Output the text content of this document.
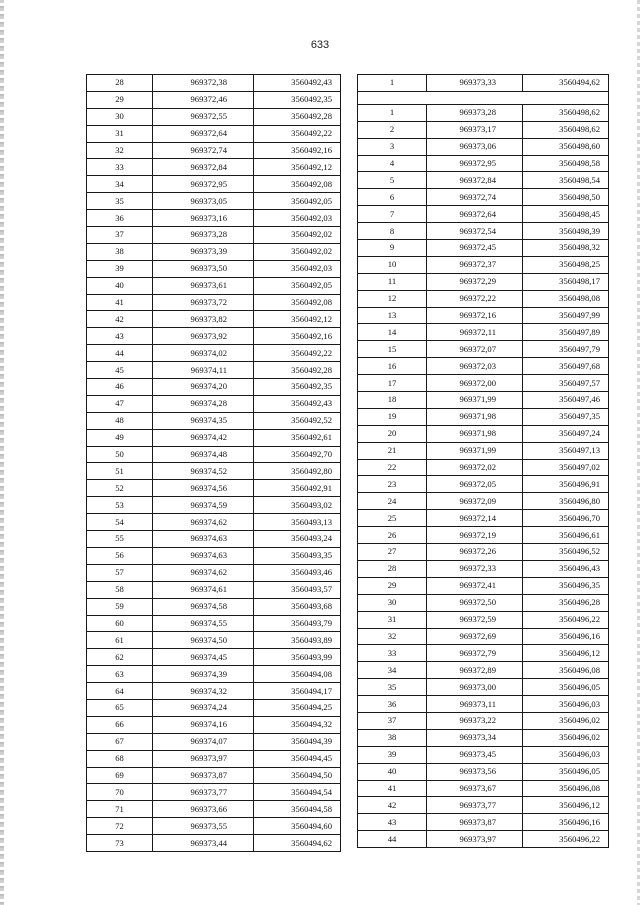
633
28	969372,38	3560492,43
29	969372,46	3560492,35
30	969372,55	3560492,28
31	969372,64	3560492,22
32	969372,74	3560492,16
33	969372,84	3560492,12
34	969372,95	3560492,08
35	969373,05	3560492,05
36	969373,16	3560492,03
37	969373,28	3560492,02
38	969373,39	3560492,02
39	969373,50	3560492,03
40	969373,61	3560492,05
41	969373,72	3560492,08
42	969373,82	3560492,12
43	969373,92	3560492,16
44	969374,02	3560492,22
45	969374,11	3560492,28
46	969374,20	3560492,35
47	969374,28	3560492,43
48	969374,35	3560492,52
49	969374,42	3560492,61
50	969374,48	3560492,70
51	969374,52	3560492,80
52	969374,56	3560492,91
53	969374,59	3560493,02
54	969374,62	3560493,13
55	969374,63	3560493,24
56	969374,63	3560493,35
57	969374,62	3560493,46
58	969374,61	3560493,57
59	969374,58	3560493,68
60	969374,55	3560493,79
61	969374,50	3560493,89
62	969374,45	3560493,99
63	969374,39	3560494,08
64	969374,32	3560494,17
65	969374,24	3560494,25
66	969374,16	3560494,32
67	969374,07	3560494,39
68	969373,97	3560494,45
69	969373,87	3560494,50
70	969373,77	3560494,54
71	969373,66	3560494,58
72	969373,55	3560494,60
73	969373,44	3560494,62
1	969373,33	3560494,62

1	969373,28	3560498,62
2	969373,17	3560498,62
3	969373,06	3560498,60
4	969372,95	3560498,58
5	969372,84	3560498,54
6	969372,74	3560498,50
7	969372,64	3560498,45
8	969372,54	3560498,39
9	969372,45	3560498,32
10	969372,37	3560498,25
11	969372,29	3560498,17
12	969372,22	3560498,08
13	969372,16	3560497,99
14	969372,11	3560497,89
15	969372,07	3560497,79
16	969372,03	3560497,68
17	969372,00	3560497,57
18	969371,99	3560497,46
19	969371,98	3560497,35
20	969371,98	3560497,24
21	969371,99	3560497,13
22	969372,02	3560497,02
23	969372,05	3560496,91
24	969372,09	3560496,80
25	969372,14	3560496,70
26	969372,19	3560496,61
27	969372,26	3560496,52
28	969372,33	3560496,43
29	969372,41	3560496,35
30	969372,50	3560496,28
31	969372,59	3560496,22
32	969372,69	3560496,16
33	969372,79	3560496,12
34	969372,89	3560496,08
35	969373,00	3560496,05
36	969373,11	3560496,03
37	969373,22	3560496,02
38	969373,34	3560496,02
39	969373,45	3560496,03
40	969373,56	3560496,05
41	969373,67	3560496,08
42	969373,77	3560496,12
43	969373,87	3560496,16
44	969373,97	3560496,22
